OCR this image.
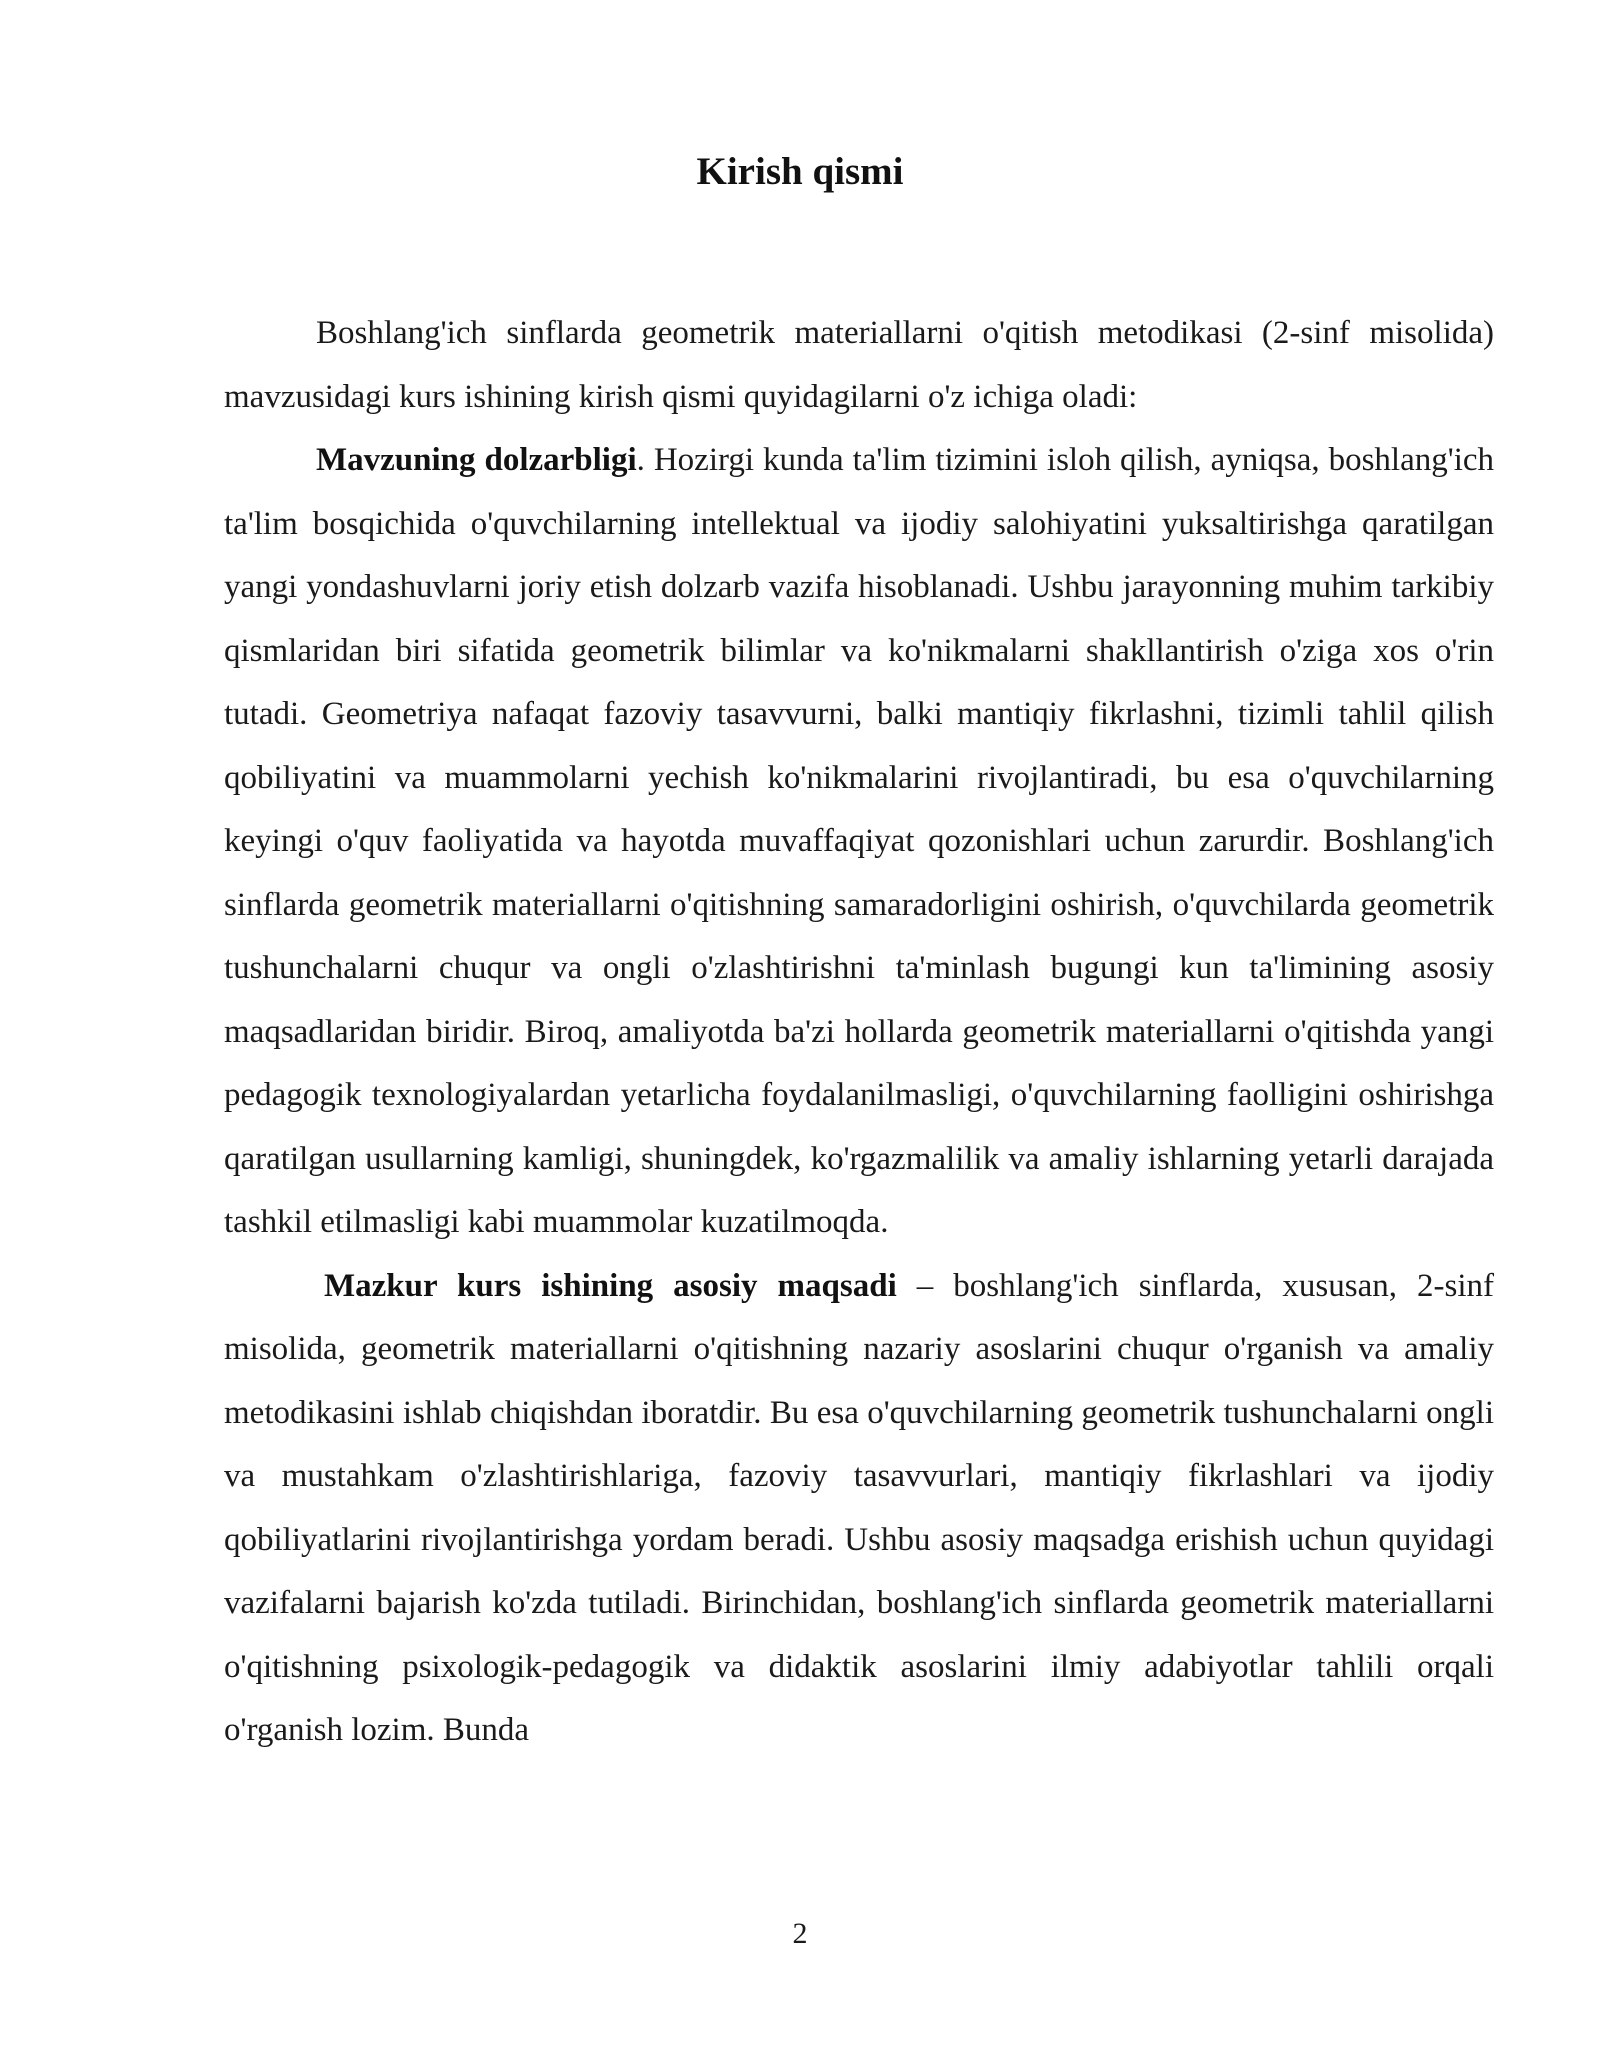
Kirish qismi

Boshlang'ich sinflarda geometrik materiallarni o'qitish metodikasi (2-sinf misolida) mavzusidagi kurs ishining kirish qismi quyidagilarni o'z ichiga oladi:

Mavzuning dolzarbligi. Hozirgi kunda ta'lim tizimini isloh qilish, ayniqsa, boshlang'ich ta'lim bosqichida o'quvchilarning intellektual va ijodiy salohiyatini yuksaltirishga qaratilgan yangi yondashuvlarni joriy etish dolzarb vazifa hisoblanadi. Ushbu jarayonning muhim tarkibiy qismlaridan biri sifatida geometrik bilimlar va ko'nikmalarni shakllantirish o'ziga xos o'rin tutadi. Geometriya nafaqat fazoviy tasavvurni, balki mantiqiy fikrlashni, tizimli tahlil qilish qobiliyatini va muammolarni yechish ko'nikmalarini rivojlantiradi, bu esa o'quvchilarning keyingi o'quv faoliyatida va hayotda muvaffaqiyat qozonishlari uchun zarurdir. Boshlang'ich sinflarda geometrik materiallarni o'qitishning samaradorligini oshirish, o'quvchilarda geometrik tushunchalarni chuqur va ongli o'zlashtirishni ta'minlash bugungi kun ta'limining asosiy maqsadlaridan biridir. Biroq, amaliyotda ba'zi hollarda geometrik materiallarni o'qitishda yangi pedagogik texnologiyalardan yetarlicha foydalanilmasligi, o'quvchilarning faolligini oshirishga qaratilgan usullarning kamligi, shuningdek, ko'rgazmalilik va amaliy ishlarning yetarli darajada tashkil etilmasligi kabi muammolar kuzatilmoqda.

Mazkur kurs ishining asosiy maqsadi – boshlang'ich sinflarda, xususan, 2-sinf misolida, geometrik materiallarni o'qitishning nazariy asoslarini chuqur o'rganish va amaliy metodikasini ishlab chiqishdan iboratdir. Bu esa o'quvchilarning geometrik tushunchalarni ongli va mustahkam o'zlashtirishlariga, fazoviy tasavvurlari, mantiqiy fikrlashlari va ijodiy qobiliyatlarini rivojlantirishga yordam beradi. Ushbu asosiy maqsadga erishish uchun quyidagi vazifalarni bajarish ko'zda tutiladi. Birinchidan, boshlang'ich sinflarda geometrik materiallarni o'qitishning psixologik-pedagogik va didaktik asoslarini ilmiy adabiyotlar tahlili orqali o'rganish lozim. Bunda

2
